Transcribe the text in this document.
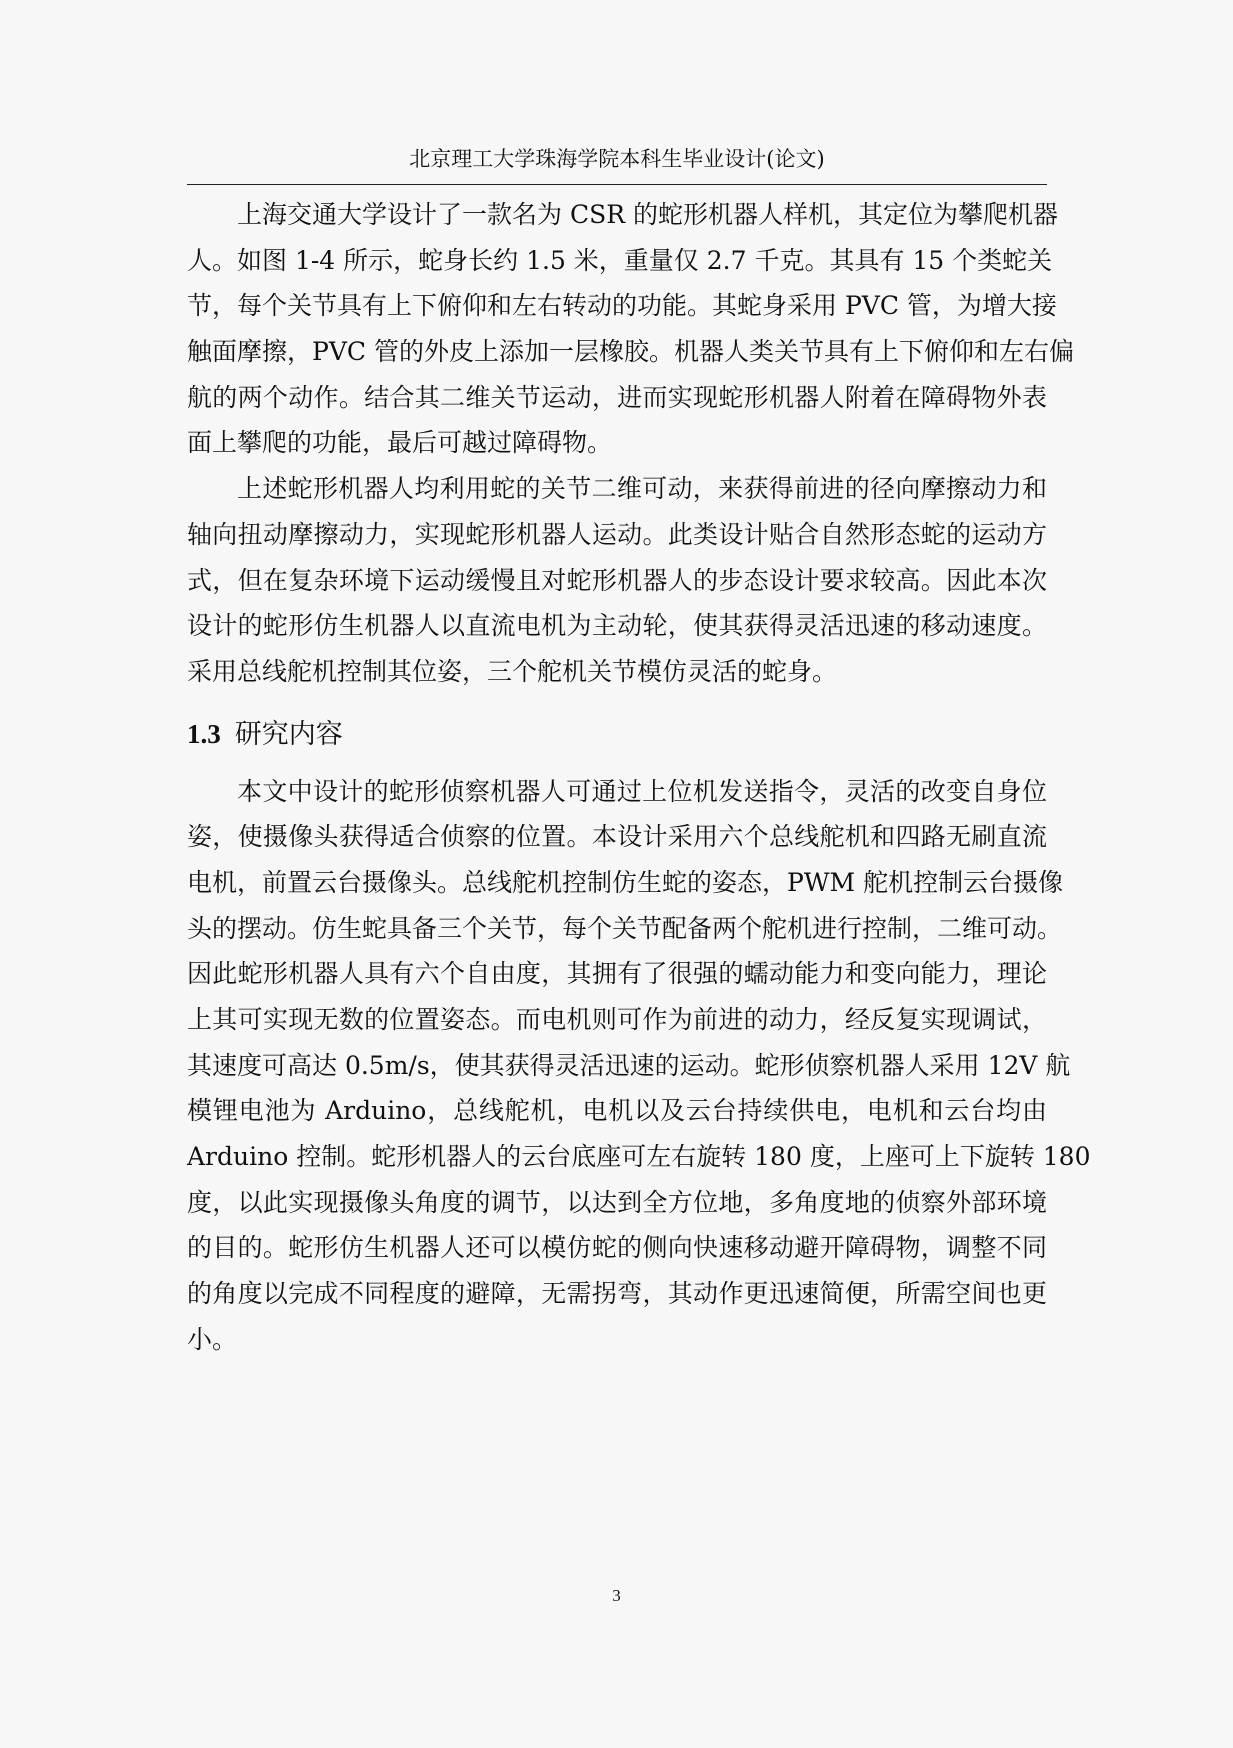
北京理工大学珠海学院本科生毕业设计(论文)
上海交通大学设计了一款名为 CSR 的蛇形机器人样机，其定位为攀爬机器
人。如图 1-4 所示，蛇身长约 1.5 米，重量仅 2.7 千克。其具有 15 个类蛇关
节，每个关节具有上下俯仰和左右转动的功能。其蛇身采用 PVC 管，为增大接
触面摩擦，PVC 管的外皮上添加一层橡胶。机器人类关节具有上下俯仰和左右偏
航的两个动作。结合其二维关节运动，进而实现蛇形机器人附着在障碍物外表
面上攀爬的功能，最后可越过障碍物。
上述蛇形机器人均利用蛇的关节二维可动，来获得前进的径向摩擦动力和
轴向扭动摩擦动力，实现蛇形机器人运动。此类设计贴合自然形态蛇的运动方
式，但在复杂环境下运动缓慢且对蛇形机器人的步态设计要求较高。因此本次
设计的蛇形仿生机器人以直流电机为主动轮，使其获得灵活迅速的移动速度。
采用总线舵机控制其位姿，三个舵机关节模仿灵活的蛇身。
1.3 研究内容
本文中设计的蛇形侦察机器人可通过上位机发送指令，灵活的改变自身位
姿，使摄像头获得适合侦察的位置。本设计采用六个总线舵机和四路无刷直流
电机，前置云台摄像头。总线舵机控制仿生蛇的姿态，PWM 舵机控制云台摄像
头的摆动。仿生蛇具备三个关节，每个关节配备两个舵机进行控制，二维可动。
因此蛇形机器人具有六个自由度，其拥有了很强的蠕动能力和变向能力，理论
上其可实现无数的位置姿态。而电机则可作为前进的动力，经反复实现调试，
其速度可高达 0.5m/s，使其获得灵活迅速的运动。蛇形侦察机器人采用 12V 航
模锂电池为 Arduino，总线舵机，电机以及云台持续供电，电机和云台均由
Arduino 控制。蛇形机器人的云台底座可左右旋转 180 度，上座可上下旋转 180
度，以此实现摄像头角度的调节，以达到全方位地，多角度地的侦察外部环境
的目的。蛇形仿生机器人还可以模仿蛇的侧向快速移动避开障碍物，调整不同
的角度以完成不同程度的避障，无需拐弯，其动作更迅速简便，所需空间也更
小。
3
